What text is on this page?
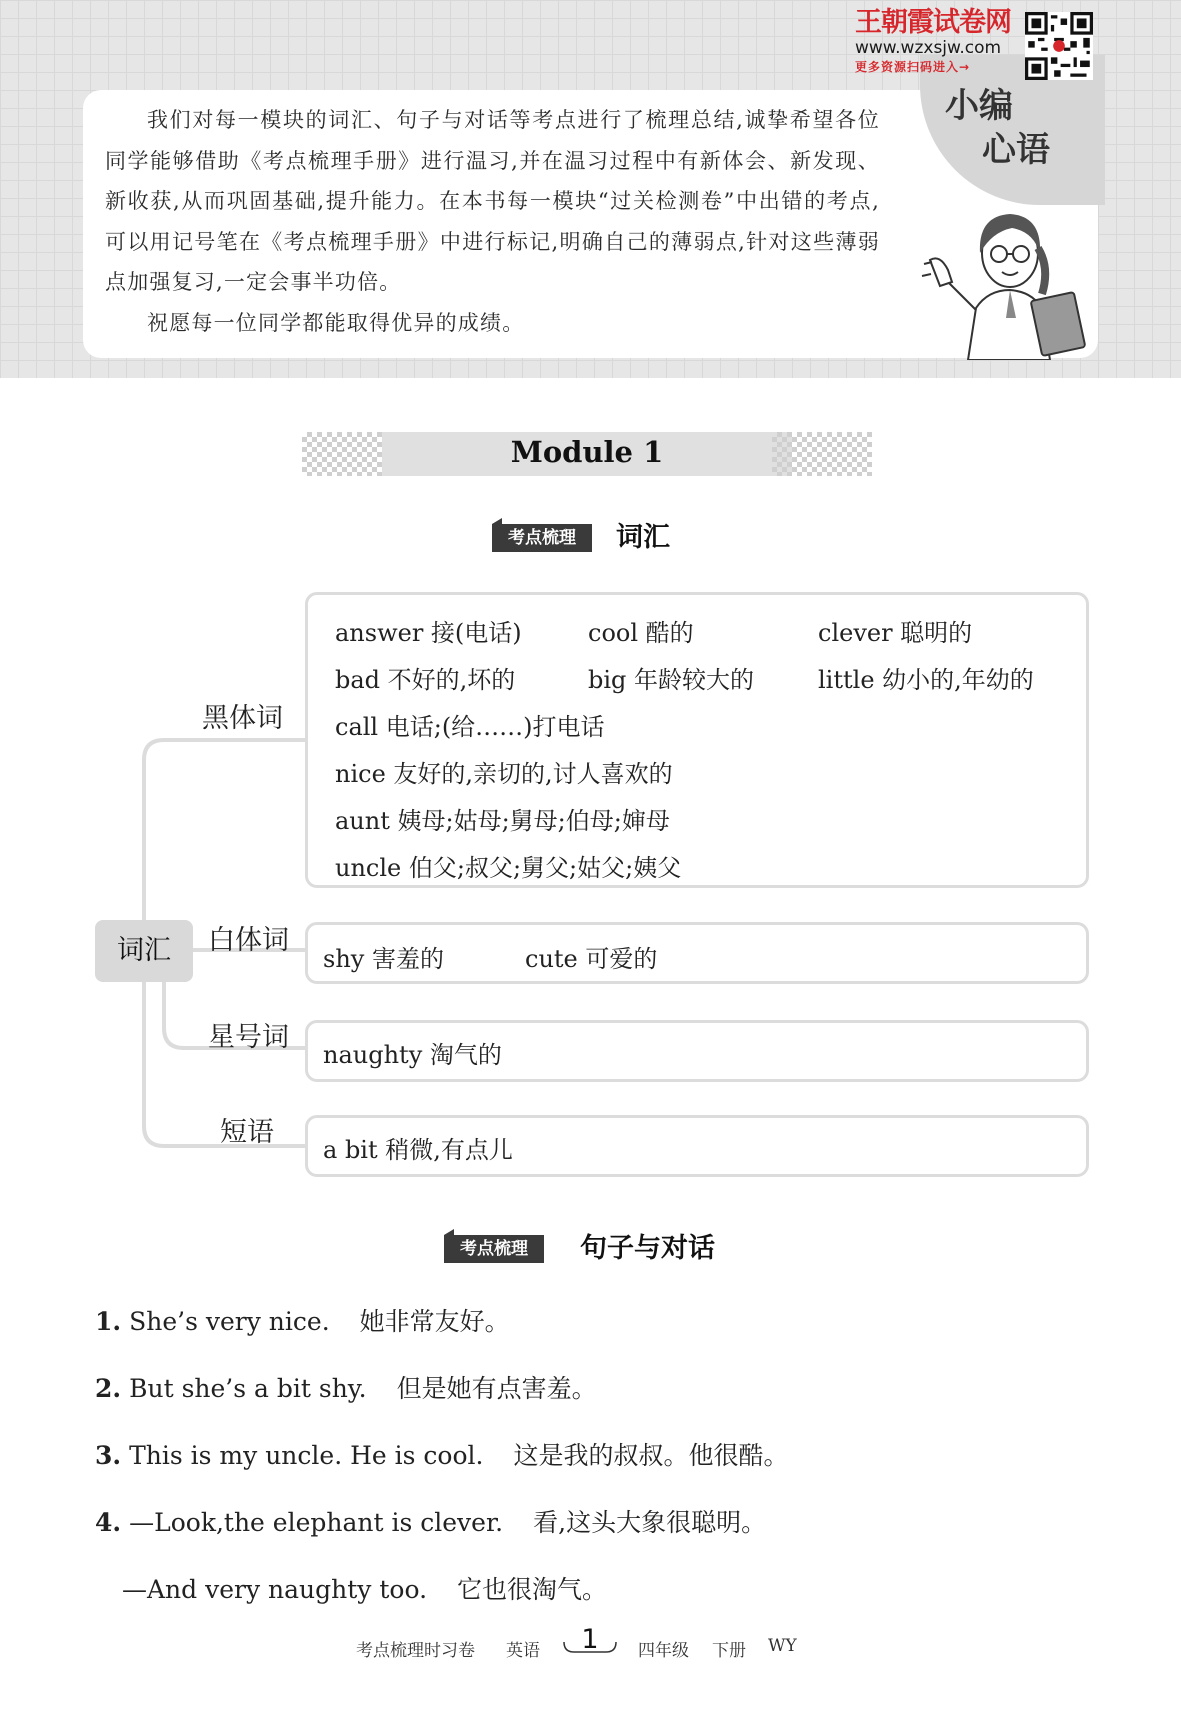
小编
心语
王朝霞试卷网
www.wzxsjw.com
更多资源扫码进入→

我们对每一模块的词汇、句子与对话等考点进行了梳理总结,诚挚希望各位同学能够借助《考点梳理手册》进行温习,并在温习过程中有新体会、新发现、新收获,从而巩固基础,提升能力。在本书每一模块“过关检测卷”中出错的考点,可以用记号笔在《考点梳理手册》中进行标记,明确自己的薄弱点,针对这些薄弱点加强复习,一定会事半功倍。

祝愿每一位同学都能取得优异的成绩。

Module 1
考点梳理	词汇
词汇
黑体词
白体词
星号词
短语
answer 接(电话)	cool 酷的	clever 聪明的
bad 不好的,坏的	big 年龄较大的	little 幼小的,年幼的
call 电话;(给……)打电话
nice 友好的,亲切的,讨人喜欢的
aunt 姨母;姑母;舅母;伯母;婶母
uncle 伯父;叔父;舅父;姑父;姨父
shy 害羞的	cute 可爱的
naughty 淘气的
a bit 稍微,有点儿
考点梳理	句子与对话
1. She’s very nice. 她非常友好。
2. But she’s a bit shy. 但是她有点害羞。
3. This is my uncle. He is cool. 这是我的叔叔。他很酷。
4. —Look,the elephant is clever. 看,这头大象很聪明。
—And very naughty too. 它也很淘气。
考点梳理时习卷 英语	1	四年级 下册 WY
